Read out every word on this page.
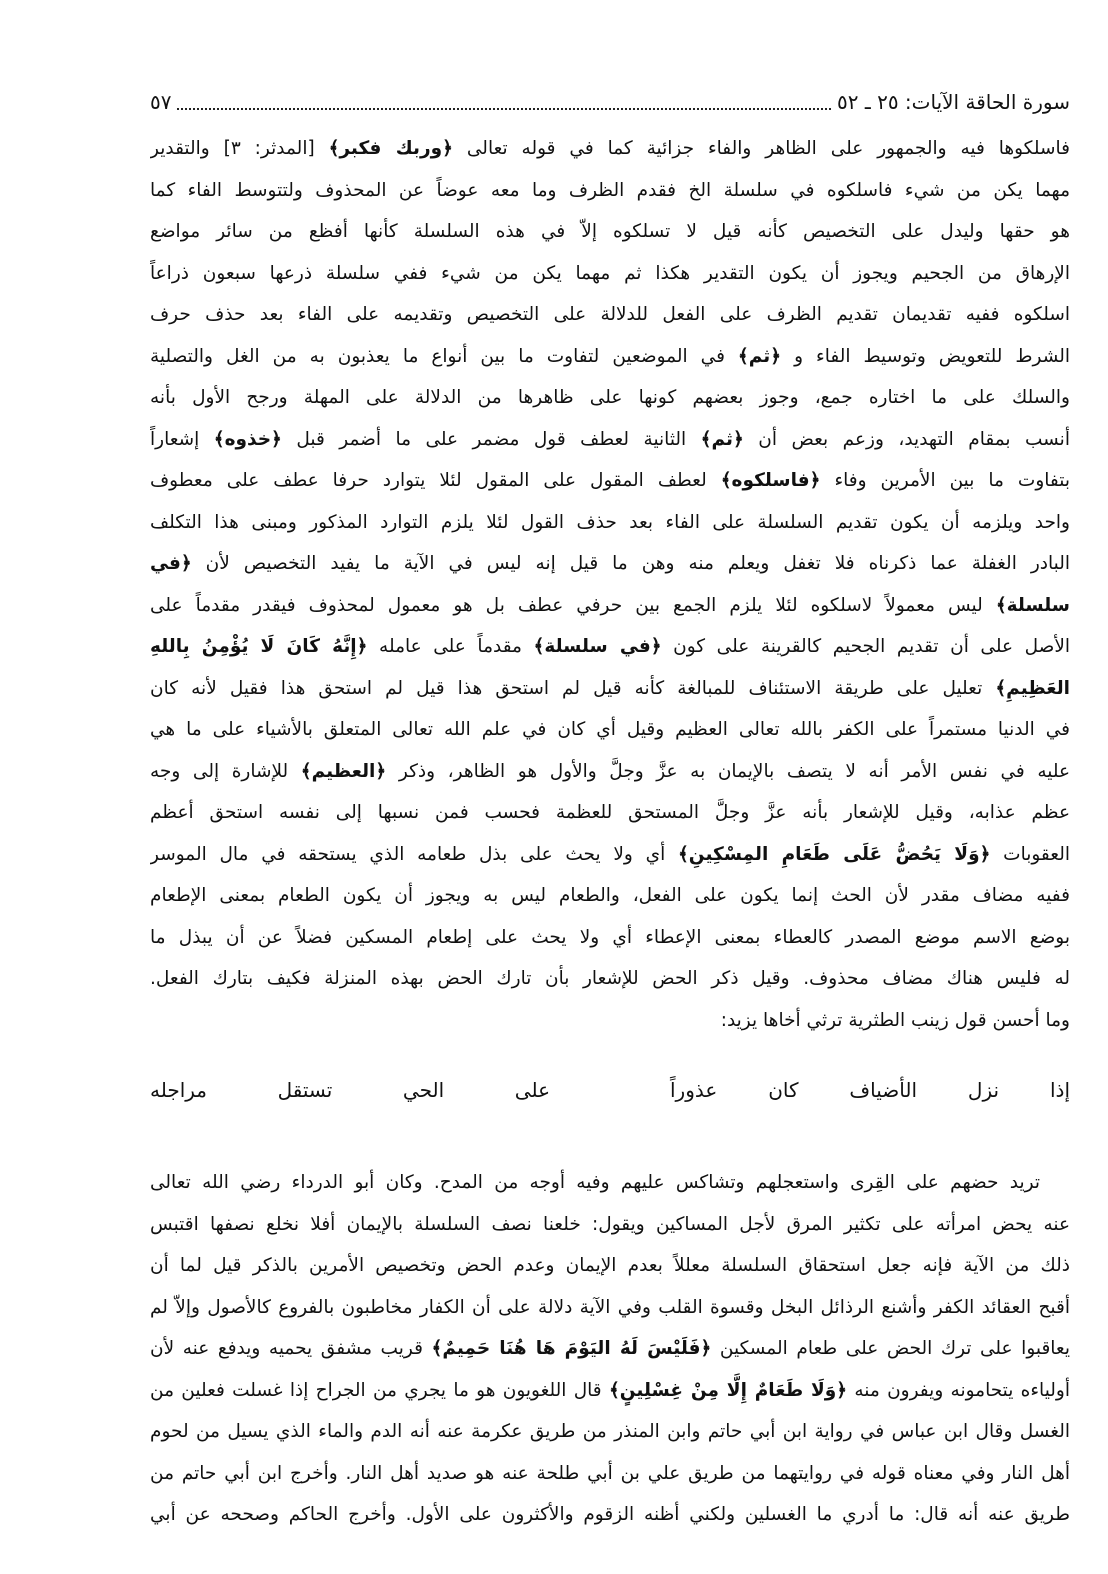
سورة الحاقة الآيات: ٢٥ ـ ٥٢
٥٧
فاسلكوها فيه والجمهور على الظاهر والفاء جزائية كما في قوله تعالى ﴿وربك فكبر﴾ [المدثر: ٣] والتقدير
مهما يكن من شيء فاسلكوه في سلسلة الخ فقدم الظرف وما معه عوضاً عن المحذوف ولتتوسط الفاء كما
هو حقها وليدل على التخصيص كأنه قيل لا تسلكوه إلاّ في هذه السلسلة كأنها أفظع من سائر مواضع
الإرهاق من الجحيم ويجوز أن يكون التقدير هكذا ثم مهما يكن من شيء ففي سلسلة ذرعها سبعون ذراعاً
اسلكوه ففيه تقديمان تقديم الظرف على الفعل للدلالة على التخصيص وتقديمه على الفاء بعد حذف حرف
الشرط للتعويض وتوسيط الفاء و ﴿ثم﴾ في الموضعين لتفاوت ما بين أنواع ما يعذبون به من الغل والتصلية
والسلك على ما اختاره جمع، وجوز بعضهم كونها على ظاهرها من الدلالة على المهلة ورجح الأول بأنه
أنسب بمقام التهديد، وزعم بعض أن ﴿ثم﴾ الثانية لعطف قول مضمر على ما أضمر قبل ﴿خذوه﴾ إشعاراً
بتفاوت ما بين الأمرين وفاء ﴿فاسلكوه﴾ لعطف المقول على المقول لئلا يتوارد حرفا عطف على معطوف
واحد ويلزمه أن يكون تقديم السلسلة على الفاء بعد حذف القول لئلا يلزم التوارد المذكور ومبنى هذا التكلف
البادر الغفلة عما ذكرناه فلا تغفل ويعلم منه وهن ما قيل إنه ليس في الآية ما يفيد التخصيص لأن ﴿في
سلسلة﴾ ليس معمولاً لاسلكوه لئلا يلزم الجمع بين حرفي عطف بل هو معمول لمحذوف فيقدر مقدماً على
الأصل على أن تقديم الجحيم كالقرينة على كون ﴿في سلسلة﴾ مقدماً على عامله ﴿إِنَّهُ كَانَ لَا يُؤْمِنُ بِاللهِ
العَظِيمِ﴾ تعليل على طريقة الاستئناف للمبالغة كأنه قيل لم استحق هذا قيل لم استحق هذا فقيل لأنه كان
في الدنيا مستمراً على الكفر بالله تعالى العظيم وقيل أي كان في علم الله تعالى المتعلق بالأشياء على ما هي
عليه في نفس الأمر أنه لا يتصف بالإيمان به عزَّ وجلَّ والأول هو الظاهر، وذكر ﴿العظيم﴾ للإشارة إلى وجه
عظم عذابه، وقيل للإشعار بأنه عزَّ وجلَّ المستحق للعظمة فحسب فمن نسبها إلى نفسه استحق أعظم
العقوبات ﴿وَلَا يَحُضُّ عَلَى طَعَامِ المِسْكِينِ﴾ أي ولا يحث على بذل طعامه الذي يستحقه في مال الموسر
ففيه مضاف مقدر لأن الحث إنما يكون على الفعل، والطعام ليس به ويجوز أن يكون الطعام بمعنى الإطعام
بوضع الاسم موضع المصدر كالعطاء بمعنى الإعطاء أي ولا يحث على إطعام المسكين فضلاً عن أن يبذل ما
له فليس هناك مضاف محذوف. وقيل ذكر الحض للإشعار بأن تارك الحض بهذه المنزلة فكيف بتارك الفعل.
وما أحسن قول زينب الطثرية ترثي أخاها يزيد:
إذا نزل الأضياف كان عذوراً
على الحي تستقل مراجله
تريد حضهم على القِرى واستعجلهم وتشاكس عليهم وفيه أوجه من المدح. وكان أبو الدرداء رضي الله تعالى
عنه يحض امرأته على تكثير المرق لأجل المساكين ويقول: خلعنا نصف السلسلة بالإيمان أفلا نخلع نصفها اقتبس
ذلك من الآية فإنه جعل استحقاق السلسلة معللاً بعدم الإيمان وعدم الحض وتخصيص الأمرين بالذكر قيل لما أن
أقبح العقائد الكفر وأشنع الرذائل البخل وقسوة القلب وفي الآية دلالة على أن الكفار مخاطبون بالفروع كالأصول وإلاّ لم
يعاقبوا على ترك الحض على طعام المسكين ﴿فَلَيْسَ لَهُ اليَوْمَ هَا هُنَا حَمِيمٌ﴾ قريب مشفق يحميه ويدفع عنه لأن
أولياءه يتحامونه ويفرون منه ﴿وَلَا طَعَامٌ إِلَّا مِنْ غِسْلِينٍ﴾ قال اللغويون هو ما يجري من الجراح إذا غسلت فعلين من
الغسل وقال ابن عباس في رواية ابن أبي حاتم وابن المنذر من طريق عكرمة عنه أنه الدم والماء الذي يسيل من لحوم
أهل النار وفي معناه قوله في روايتهما من طريق علي بن أبي طلحة عنه هو صديد أهل النار. وأخرج ابن أبي حاتم من
طريق عنه أنه قال: ما أدري ما الغسلين ولكني أظنه الزقوم والأكثرون على الأول. وأخرج الحاكم وصححه عن أبي
